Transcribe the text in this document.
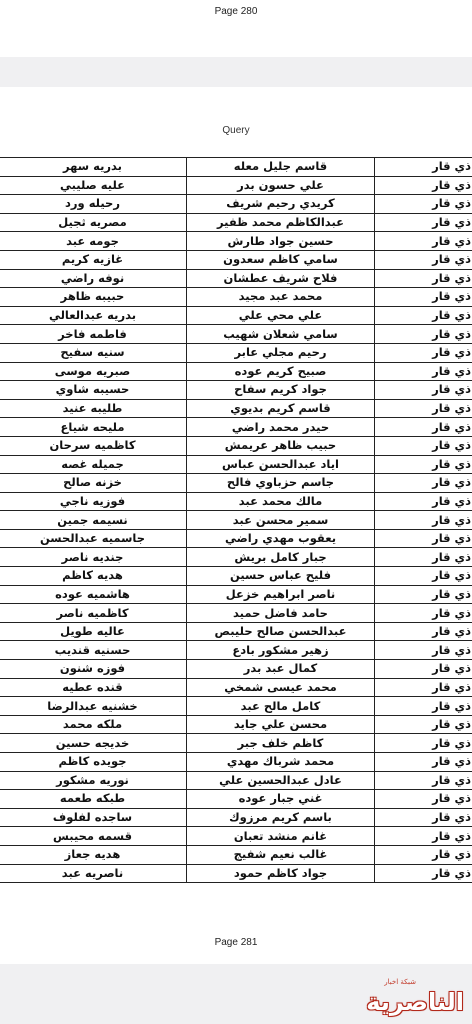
Page 280
Query
ذي قار	قاسم جليل معله	بدريه سهر
ذي قار	علي حسون بدر	عليه صليبي
ذي قار	كريدي رحيم شريف	رحيله ورد
ذي قار	عبدالكاظم محمد ظفير	مصريه ثجيل
ذي قار	حسين جواد طارش	جومه عبد
ذي قار	سامي كاظم سعدون	غازيه كريم
ذي قار	فلاح شريف عطشان	نوفه راضي
ذي قار	محمد عبد مجيد	حبيبه ظاهر
ذي قار	علي محي علي	بدريه عبدالعالي
ذي قار	سامي شعلان شهيب	فاطمه فاخر
ذي قار	رحيم مجلي عابر	سنيه سفيح
ذي قار	صبيح كريم عوده	صبريه موسى
ذي قار	جواد كريم سفاح	حسيبه شاوي
ذي قار	قاسم كريم بديوي	طليبه عنيد
ذي قار	حيدر محمد راضي	مليحه شياع
ذي قار	حبيب ظاهر عريمش	كاظميه سرحان
ذي قار	اياد عبدالحسن عباس	جميله غصه
ذي قار	جاسم حزباوي فالح	خزنه صالح
ذي قار	مالك محمد عبد	فوزيه ناجي
ذي قار	سمير محسن عبد	نسيمه جمين
ذي قار	يعقوب مهدي راضي	جاسميه عبدالحسن
ذي قار	جبار كامل بريش	جنديه ناصر
ذي قار	فليح عباس حسين	هديه كاظم
ذي قار	ناصر ابراهيم خزعل	هاشميه عوده
ذي قار	حامد فاضل حميد	كاظميه ناصر
ذي قار	عبدالحسن صالح حليبص	عاليه طويل
ذي قار	زهير مشكور بادع	حسنيه قنديب
ذي قار	كمال عبد بدر	فوزه شنون
ذي قار	محمد عيسى شمخي	قنده عطيه
ذي قار	كامل مالح عبد	خشنيه عبدالرضا
ذي قار	محسن علي جايد	ملكه محمد
ذي قار	كاظم خلف جبر	خديجه حسين
ذي قار	محمد شرباك مهدي	جويده كاظم
ذي قار	عادل عبدالحسين علي	نوريه مشكور
ذي قار	غني جبار عوده	طبكه طعمه
ذي قار	باسم كريم مرزوك	ساجده لفلوف
ذي قار	غانم منشد تعبان	قسمه محيبس
ذي قار	غالب نعيم شفيج	هديه جعاز
ذي قار	جواد كاظم حمود	ناصريه عبد
Page 281
شبكة اخبار
الناصرية
